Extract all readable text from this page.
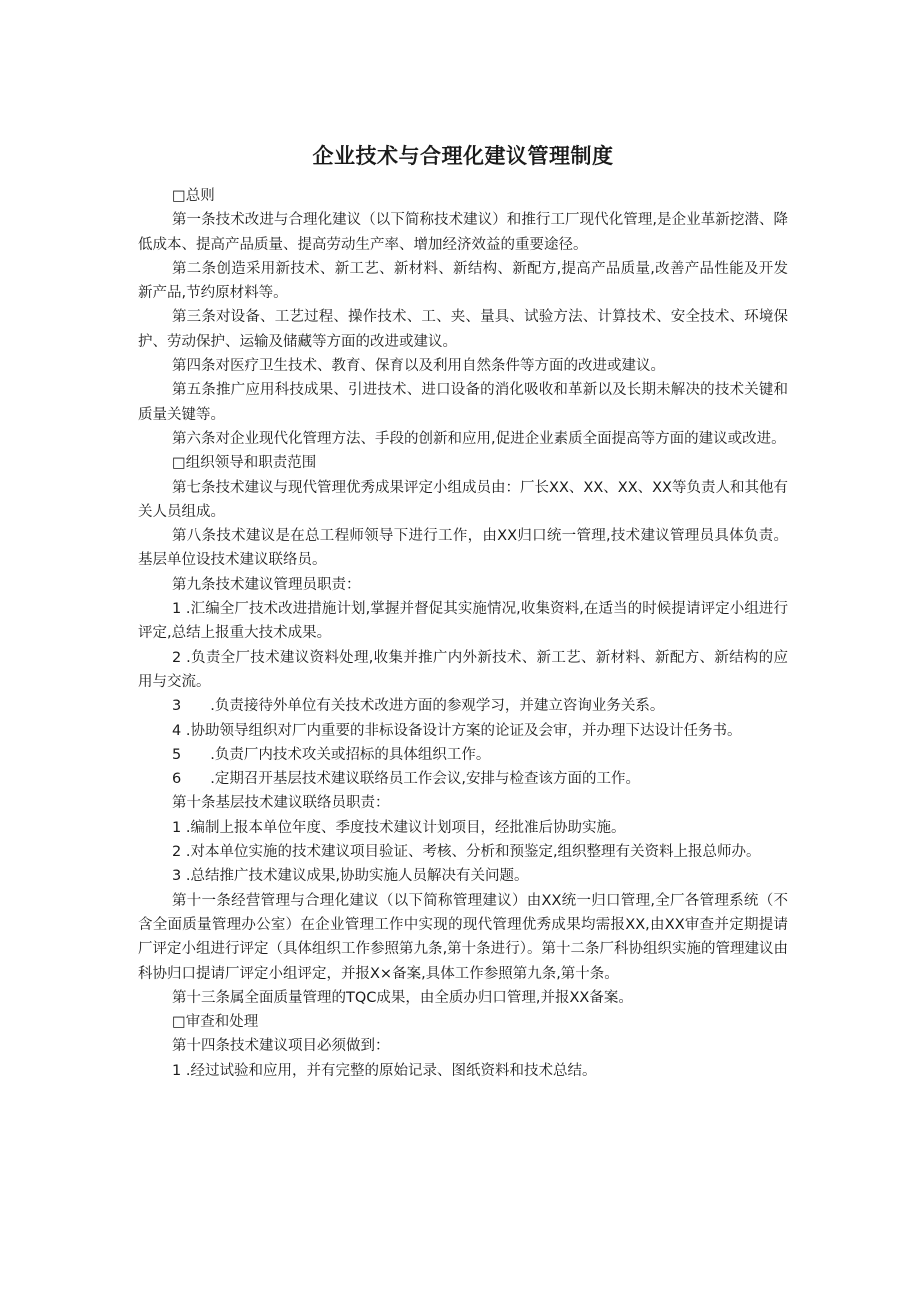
企业技术与合理化建议管理制度

□总则

第一条技术改进与合理化建议（以下简称技术建议）和推行工厂现代化管理,是企业革新挖潜、降低成本、提高产品质量、提高劳动生产率、增加经济效益的重要途径。

第二条创造采用新技术、新工艺、新材料、新结构、新配方,提高产品质量,改善产品性能及开发新产品,节约原材料等。

第三条对设备、工艺过程、操作技术、工、夹、量具、试验方法、计算技术、安全技术、环境保护、劳动保护、运输及储藏等方面的改进或建议。

第四条对医疗卫生技术、教育、保育以及利用自然条件等方面的改进或建议。

第五条推广应用科技成果、引进技术、进口设备的消化吸收和革新以及长期未解决的技术关键和质量关键等。

第六条对企业现代化管理方法、手段的创新和应用,促进企业素质全面提高等方面的建议或改进。

□组织领导和职责范围

第七条技术建议与现代管理优秀成果评定小组成员由：厂长XX、XX、XX、XX等负责人和其他有关人员组成。

第八条技术建议是在总工程师领导下进行工作，由XX归口统一管理,技术建议管理员具体负责。基层单位设技术建议联络员。

第九条技术建议管理员职责：

1 .汇编全厂技术改进措施计划,掌握并督促其实施情况,收集资料,在适当的时候提请评定小组进行评定,总结上报重大技术成果。

2 .负责全厂技术建议资料处理,收集并推广内外新技术、新工艺、新材料、新配方、新结构的应用与交流。

3　　.负责接待外单位有关技术改进方面的参观学习，并建立咨询业务关系。

4 .协助领导组织对厂内重要的非标设备设计方案的论证及会审，并办理下达设计任务书。

5　　.负责厂内技术攻关或招标的具体组织工作。

6　　.定期召开基层技术建议联络员工作会议,安排与检查该方面的工作。

第十条基层技术建议联络员职责：

1 .编制上报本单位年度、季度技术建议计划项目，经批准后协助实施。

2 .对本单位实施的技术建议项目验证、考核、分析和预鉴定,组织整理有关资料上报总师办。

3 .总结推广技术建议成果,协助实施人员解决有关问题。

第十一条经营管理与合理化建议（以下简称管理建议）由XX统一归口管理,全厂各管理系统（不含全面质量管理办公室）在企业管理工作中实现的现代管理优秀成果均需报XX,由XX审查并定期提请厂评定小组进行评定（具体组织工作参照第九条,第十条进行）。第十二条厂科协组织实施的管理建议由科协归口提请厂评定小组评定，并报X×备案,具体工作参照第九条,第十条。

第十三条属全面质量管理的TQC成果，由全质办归口管理,并报XX备案。

□审查和处理

第十四条技术建议项目必须做到：

1 .经过试验和应用，并有完整的原始记录、图纸资料和技术总结。
